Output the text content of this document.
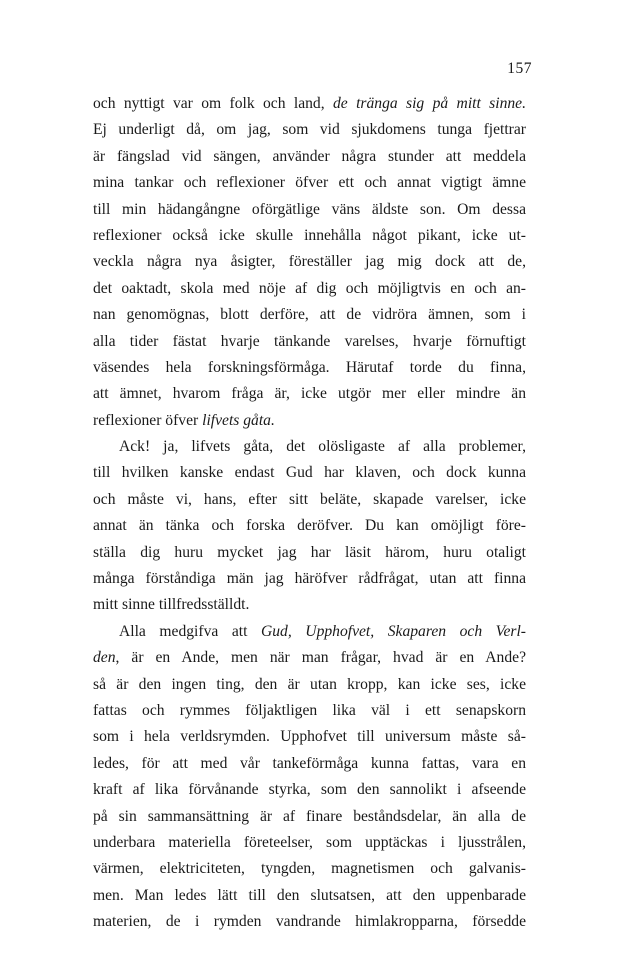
157
och nyttigt var om folk och land, de tränga sig på mitt sinne.
Ej underligt då, om jag, som vid sjukdomens tunga fjettrar
är fängslad vid sängen, använder några stunder att meddela
mina tankar och reflexioner öfver ett och annat vigtigt ämne
till min hädangångne oförgätlige väns äldste son. Om dessa
reflexioner också icke skulle innehålla något pikant, icke ut-
veckla några nya åsigter, föreställer jag mig dock att de,
det oaktadt, skola med nöje af dig och möjligtvis en och an-
nan genomögnas, blott derföre, att de vidröra ämnen, som i
alla tider fästat hvarje tänkande varelses, hvarje förnuftigt
väsendes hela forskningsförmåga. Härutaf torde du finna,
att ämnet, hvarom fråga är, icke utgör mer eller mindre än
reflexioner öfver lifvets gåta.
Ack! ja, lifvets gåta, det olösligaste af alla problemer,
till hvilken kanske endast Gud har klaven, och dock kunna
och måste vi, hans, efter sitt beläte, skapade varelser, icke
annat än tänka och forska deröfver. Du kan omöjligt före-
ställa dig huru mycket jag har läsit härom, huru otaligt
många förståndiga män jag häröfver rådfrågat, utan att finna
mitt sinne tillfredsställdt.
Alla medgifva att Gud, Upphofvet, Skaparen och Verl-
den, är en Ande, men när man frågar, hvad är en Ande?
så är den ingen ting, den är utan kropp, kan icke ses, icke
fattas och rymmes följaktligen lika väl i ett senapskorn
som i hela verldsrymden. Upphofvet till universum måste så-
ledes, för att med vår tankeförmåga kunna fattas, vara en
kraft af lika förvånande styrka, som den sannolikt i afseende
på sin sammansättning är af finare beståndsdelar, än alla de
underbara materiella företeelser, som upptäckas i ljusstrålen,
värmen, elektriciteten, tyngden, magnetismen och galvanis-
men. Man ledes lätt till den slutsatsen, att den uppenbarade
materien, de i rymden vandrande himlakropparna, försedde
